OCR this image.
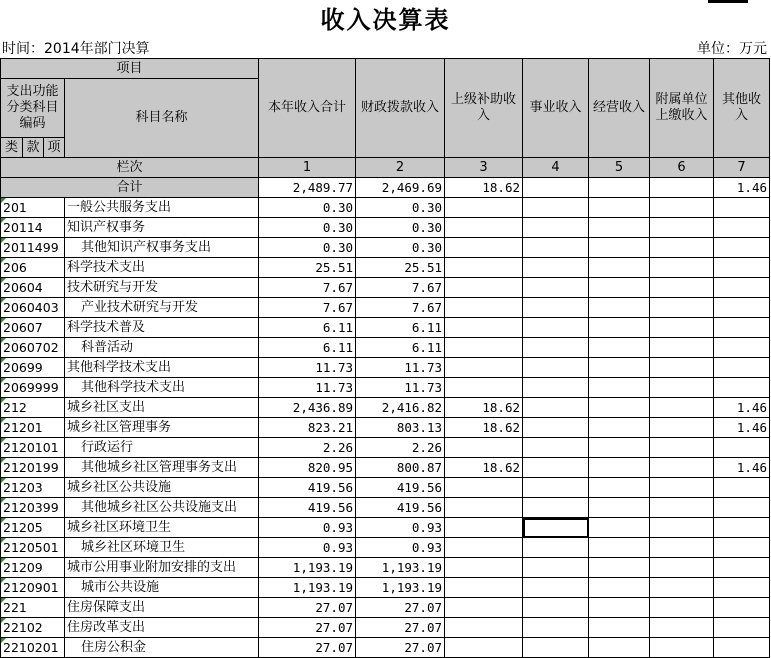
收入决算表
时间：2014年部门决算	单位：万元
项目				本年收入合计	财政拨款收入	上级补助收入	事业收入	经营收入	附属单位上缴收入	其他收入
支出功能分类科目编码			科目名称							
类	款	项								
栏次				1	2	3	4	5	6	7
合计				2,489.77	2,469.69	18.62				1.46
201			一般公共服务支出	0.30	0.30					
20114			知识产权事务	0.30	0.30					
2011499			其他知识产权事务支出	0.30	0.30					
206			科学技术支出	25.51	25.51					
20604			技术研究与开发	7.67	7.67					
2060403			产业技术研究与开发	7.67	7.67					
20607			科学技术普及	6.11	6.11					
2060702			科普活动	6.11	6.11					
20699			其他科学技术支出	11.73	11.73					
2069999			其他科学技术支出	11.73	11.73					
212			城乡社区支出	2,436.89	2,416.82	18.62				1.46
21201			城乡社区管理事务	823.21	803.13	18.62				1.46
2120101			行政运行	2.26	2.26					
2120199			其他城乡社区管理事务支出	820.95	800.87	18.62				1.46
21203			城乡社区公共设施	419.56	419.56					
2120399			其他城乡社区公共设施支出	419.56	419.56					
21205			城乡社区环境卫生	0.93	0.93					
2120501			城乡社区环境卫生	0.93	0.93					
21209			城市公用事业附加安排的支出	1,193.19	1,193.19					
2120901			城市公共设施	1,193.19	1,193.19					
221			住房保障支出	27.07	27.07					
22102			住房改革支出	27.07	27.07					
2210201			住房公积金	27.07	27.07					
